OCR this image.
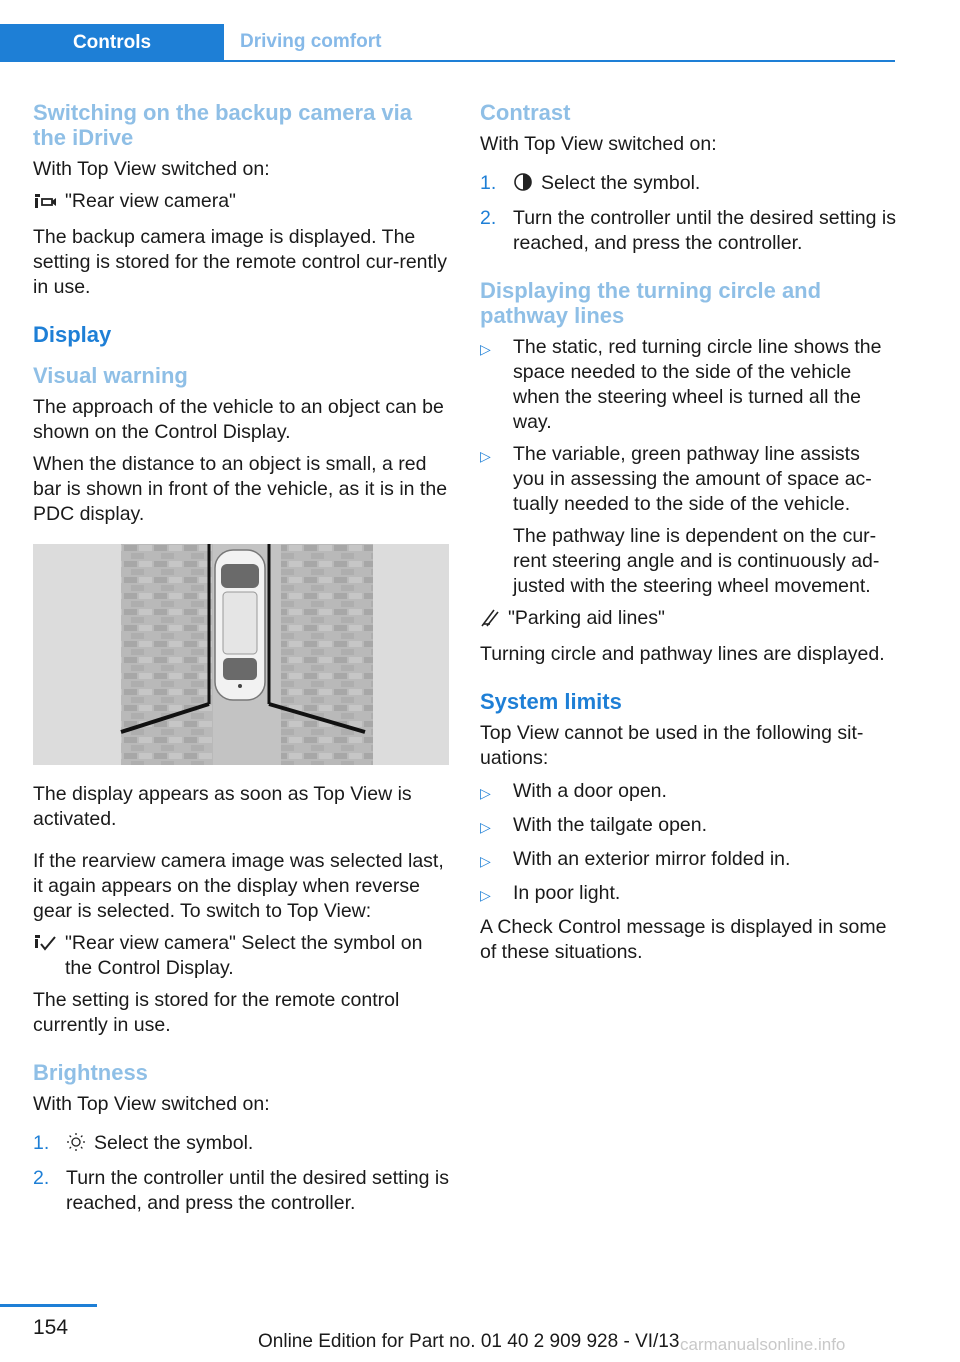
Controls	Driving comfort
Switching on the backup camera via the iDrive

With Top View switched on:

"Rear view camera"

The backup camera image is displayed. The setting is stored for the remote control cur-rently in use.

Display
Visual warning

The approach of the vehicle to an object can be shown on the Control Display.

When the distance to an object is small, a red bar is shown in front of the vehicle, as it is in the PDC display.

The display appears as soon as Top View is activated.

If the rearview camera image was selected last, it again appears on the display when reverse gear is selected. To switch to Top View:

"Rear view camera" Select the symbol on the Control Display.

The setting is stored for the remote control currently in use.

Brightness

With Top View switched on:

1.	Select the symbol.
2. Turn the controller until the desired setting is reached, and press the controller.
Contrast

With Top View switched on:

1.	Select the symbol.
2. Turn the controller until the desired setting is reached, and press the controller.
Displaying the turning circle and pathway lines
▷	The static, red turning circle line shows the space needed to the side of the vehicle when the steering wheel is turned all the way.
▷	The variable, green pathway line assists you in assessing the amount of space ac-tually needed to the side of the vehicle.

The pathway line is dependent on the cur-rent steering angle and is continuously ad-justed with the steering wheel movement.

"Parking aid lines"

Turning circle and pathway lines are displayed.

System limits

Top View cannot be used in the following sit-uations:

▷	With a door open.
▷	With the tailgate open.
▷	With an exterior mirror folded in.
▷	In poor light.

A Check Control message is displayed in some of these situations.

154
Online Edition for Part no. 01 40 2 909 928 - VI/13 carmanualsonline.info
